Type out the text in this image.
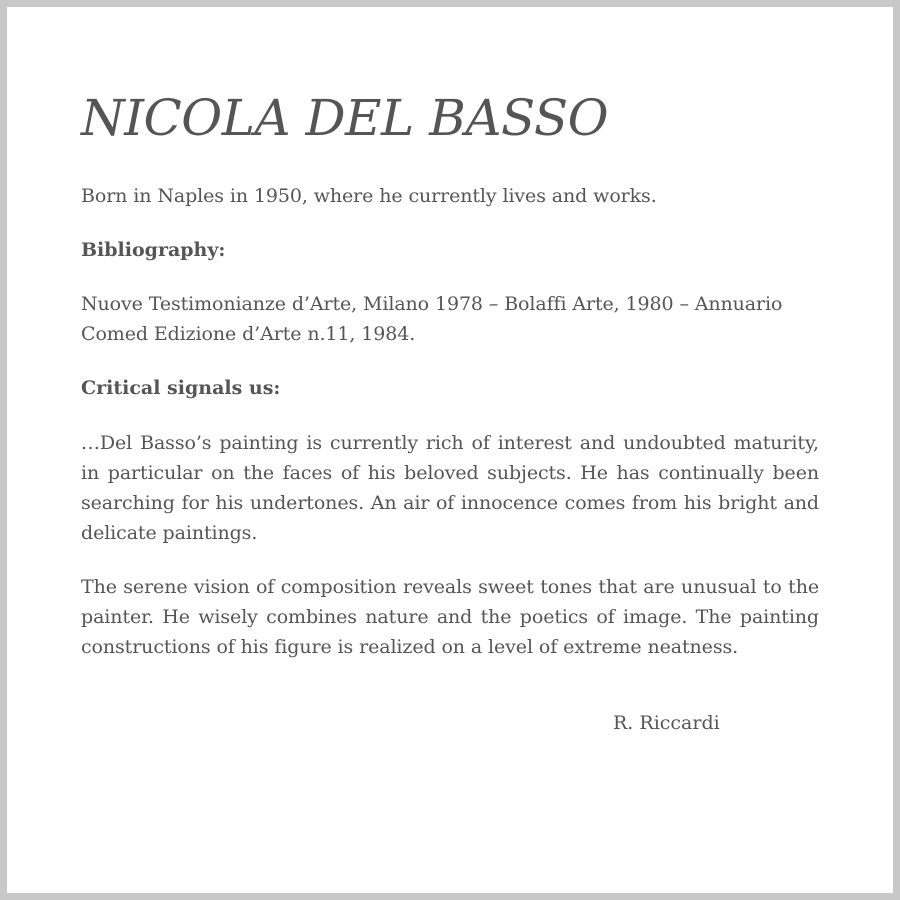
NICOLA DEL BASSO

Born in Naples in 1950, where he currently lives and works.

Bibliography:

Nuove Testimonianze d’Arte, Milano 1978 – Bolaffi Arte, 1980 – Annuario Comed Edizione d’Arte n.11, 1984.

Critical signals us:

…Del Basso’s painting is currently rich of interest and undoubted maturity, in particular on the faces of his beloved subjects. He has continually been searching for his undertones. An air of innocence comes from his bright and delicate paintings.

The serene vision of composition reveals sweet tones that are unusual to the painter. He wisely combines nature and the poetics of image. The painting constructions of his figure is realized on a level of extreme neatness.

R. Riccardi
